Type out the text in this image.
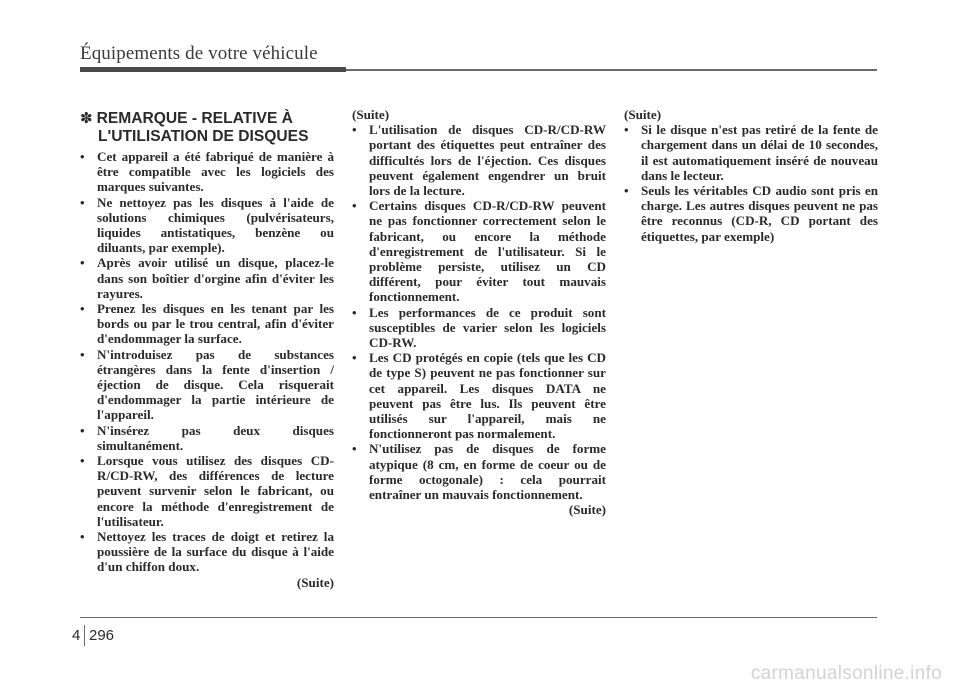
Équipements de votre véhicule
✽ REMARQUE - RELATIVE À
L'UTILISATION DE DISQUES
• Cet appareil a été fabriqué de manière à être compatible avec les logiciels des marques suivantes.
• Ne nettoyez pas les disques à l'aide de solutions chimiques (pulvérisateurs, liquides antistatiques, benzène ou diluants, par exemple).
• Après avoir utilisé un disque, placez-le dans son boîtier d'orgine afin d'éviter les rayures.
• Prenez les disques en les tenant par les bords ou par le trou central, afin d'éviter d'endommager la surface.
• N'introduisez pas de substances étrangères dans la fente d'insertion / éjection de disque. Cela risquerait d'endommager la partie intérieure de l'appareil.
• N'insérez pas deux disques simultanément.
• Lorsque vous utilisez des disques CD-R/CD-RW, des différences de lecture peuvent survenir selon le fabricant, ou encore la méthode d'enregistrement de l'utilisateur.
• Nettoyez les traces de doigt et retirez la poussière de la surface du disque à l'aide d'un chiffon doux.
(Suite)
(Suite)
• L'utilisation de disques CD-R/CD-RW portant des étiquettes peut entraîner des difficultés lors de l'éjection. Ces disques peuvent également engendrer un bruit lors de la lecture.
• Certains disques CD-R/CD-RW peuvent ne pas fonctionner correctement selon le fabricant, ou encore la méthode d'enregistrement de l'utilisateur. Si le problème persiste, utilisez un CD différent, pour éviter tout mauvais fonctionnement.
• Les performances de ce produit sont susceptibles de varier selon les logiciels CD-RW.
• Les CD protégés en copie (tels que les CD de type S) peuvent ne pas fonctionner sur cet appareil. Les disques DATA ne peuvent pas être lus. Ils peuvent être utilisés sur l'appareil, mais ne fonctionneront pas normalement.
• N'utilisez pas de disques de forme atypique (8 cm, en forme de coeur ou de forme octogonale) : cela pourrait entraîner un mauvais fonctionnement.
(Suite)
(Suite)
• Si le disque n'est pas retiré de la fente de chargement dans un délai de 10 secondes, il est automatiquement inséré de nouveau dans le lecteur.
• Seuls les véritables CD audio sont pris en charge. Les autres disques peuvent ne pas être reconnus (CD-R, CD portant des étiquettes, par exemple)
4 296
carmanualsonline.info
